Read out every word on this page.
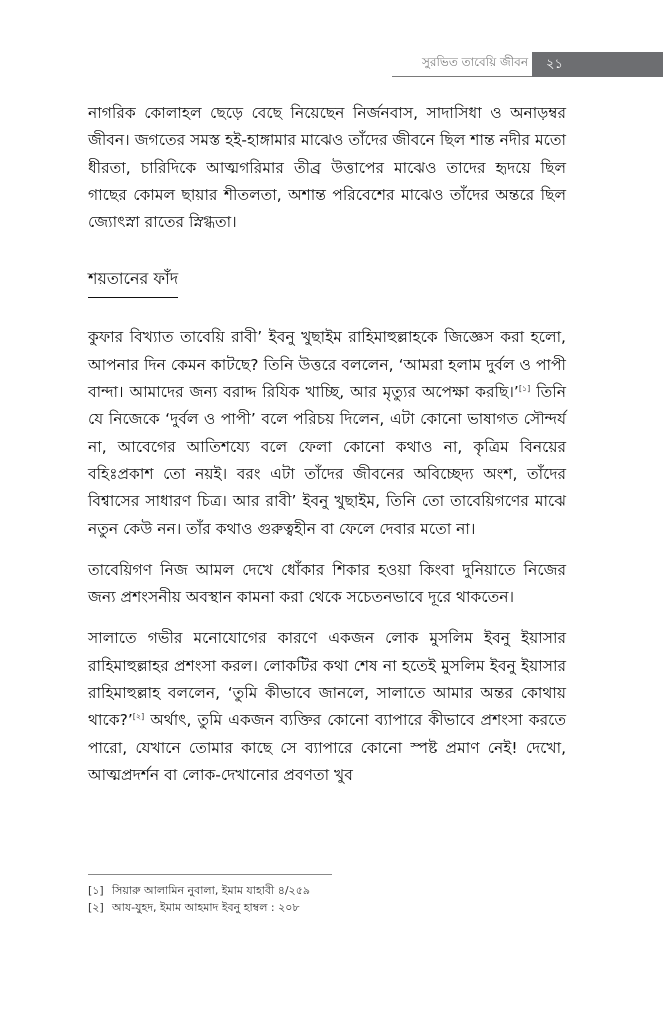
সুরভিত তাবেয়ি জীবন ২১

নাগরিক কোলাহল ছেড়ে বেছে নিয়েছেন নির্জনবাস, সাদাসিধা ও অনাড়ম্বর জীবন। জগতের সমস্ত হই-হাঙ্গামার মাঝেও তাঁদের জীবনে ছিল শান্ত নদীর মতো ধীরতা, চারিদিকে আত্মগরিমার তীব্র উত্তাপের মাঝেও তাদের হৃদয়ে ছিল গাছের কোমল ছায়ার শীতলতা, অশান্ত পরিবেশের মাঝেও তাঁদের অন্তরে ছিল জ্যোৎস্না রাতের স্নিগ্ধতা।

শয়তানের ফাঁদ

কুফার বিখ্যাত তাবেয়ি রাবী’ ইবনু খুছাইম রাহিমাহুল্লাহকে জিজ্ঞেস করা হলো, আপনার দিন কেমন কাটছে? তিনি উত্তরে বললেন, ‘আমরা হলাম দুর্বল ও পাপী বান্দা। আমাদের জন্য বরাদ্দ রিযিক খাচ্ছি, আর মৃত্যুর অপেক্ষা করছি।’[১] তিনি যে নিজেকে ‘দুর্বল ও পাপী’ বলে পরিচয় দিলেন, এটা কোনো ভাষাগত সৌন্দর্য না, আবেগের আতিশয্যে বলে ফেলা কোনো কথাও না, কৃত্রিম বিনয়ের বহিঃপ্রকাশ তো নয়ই। বরং এটা তাঁদের জীবনের অবিচ্ছেদ্য অংশ, তাঁদের বিশ্বাসের সাধারণ চিত্র। আর রাবী’ ইবনু খুছাইম, তিনি তো তাবেয়িগণের মাঝে নতুন কেউ নন। তাঁর কথাও গুরুত্বহীন বা ফেলে দেবার মতো না।

তাবেয়িগণ নিজ আমল দেখে ধোঁকার শিকার হওয়া কিংবা দুনিয়াতে নিজের জন্য প্রশংসনীয় অবস্থান কামনা করা থেকে সচেতনভাবে দূরে থাকতেন।

সালাতে গভীর মনোযোগের কারণে একজন লোক মুসলিম ইবনু ইয়াসার রাহিমাহুল্লাহর প্রশংসা করল। লোকটির কথা শেষ না হতেই মুসলিম ইবনু ইয়াসার রাহিমাহুল্লাহ বললেন, ‘তুমি কীভাবে জানলে, সালাতে আমার অন্তর কোথায় থাকে?’[২] অর্থাৎ, তুমি একজন ব্যক্তির কোনো ব্যাপারে কীভাবে প্রশংসা করতে পারো, যেখানে তোমার কাছে সে ব্যাপারে কোনো স্পষ্ট প্রমাণ নেই! দেখো, আত্মপ্রদর্শন বা লোক-দেখানোর প্রবণতা খুব

[১] সিয়ারু আলামিন নুবালা, ইমাম যাহাবী ৪/২৫৯
[২] আয-যুহদ, ইমাম আহমাদ ইবনু হাম্বল : ২০৮
